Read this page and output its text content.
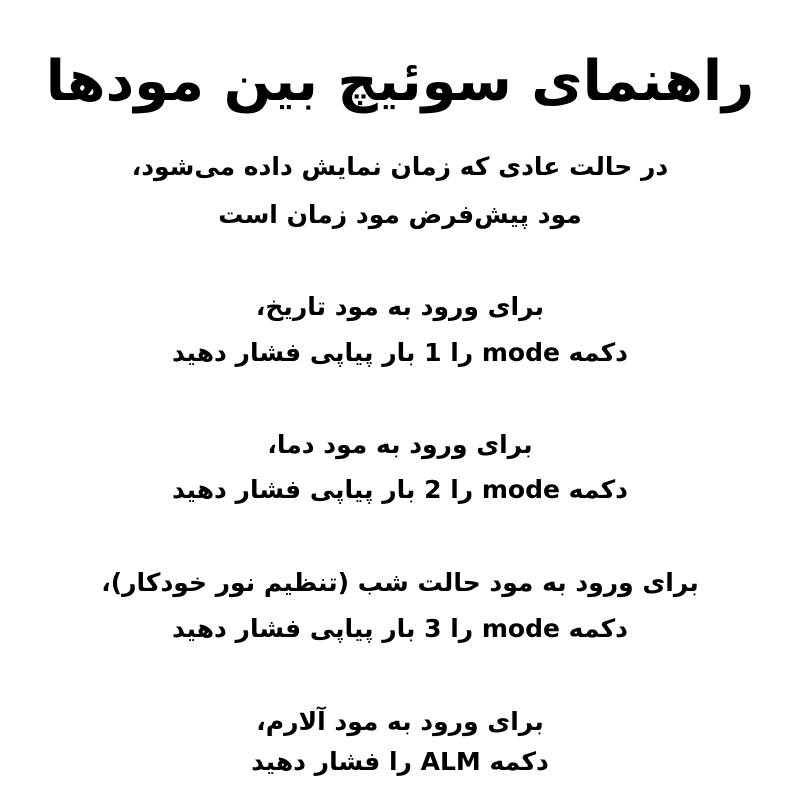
راهنمای سوئیچ بین مودها
در حالت عادی که زمان نمایش داده می‌شود،
مود پیش‌فرض مود زمان است
برای ورود به مود تاریخ،
دکمه mode را 1 بار پیاپی فشار دهید
برای ورود به مود دما،
دکمه mode را 2 بار پیاپی فشار دهید
برای ورود به مود حالت شب (تنظیم نور خودکار)،
دکمه mode را 3 بار پیاپی فشار دهید
برای ورود به مود آلارم،
دکمه ALM را فشار دهید
